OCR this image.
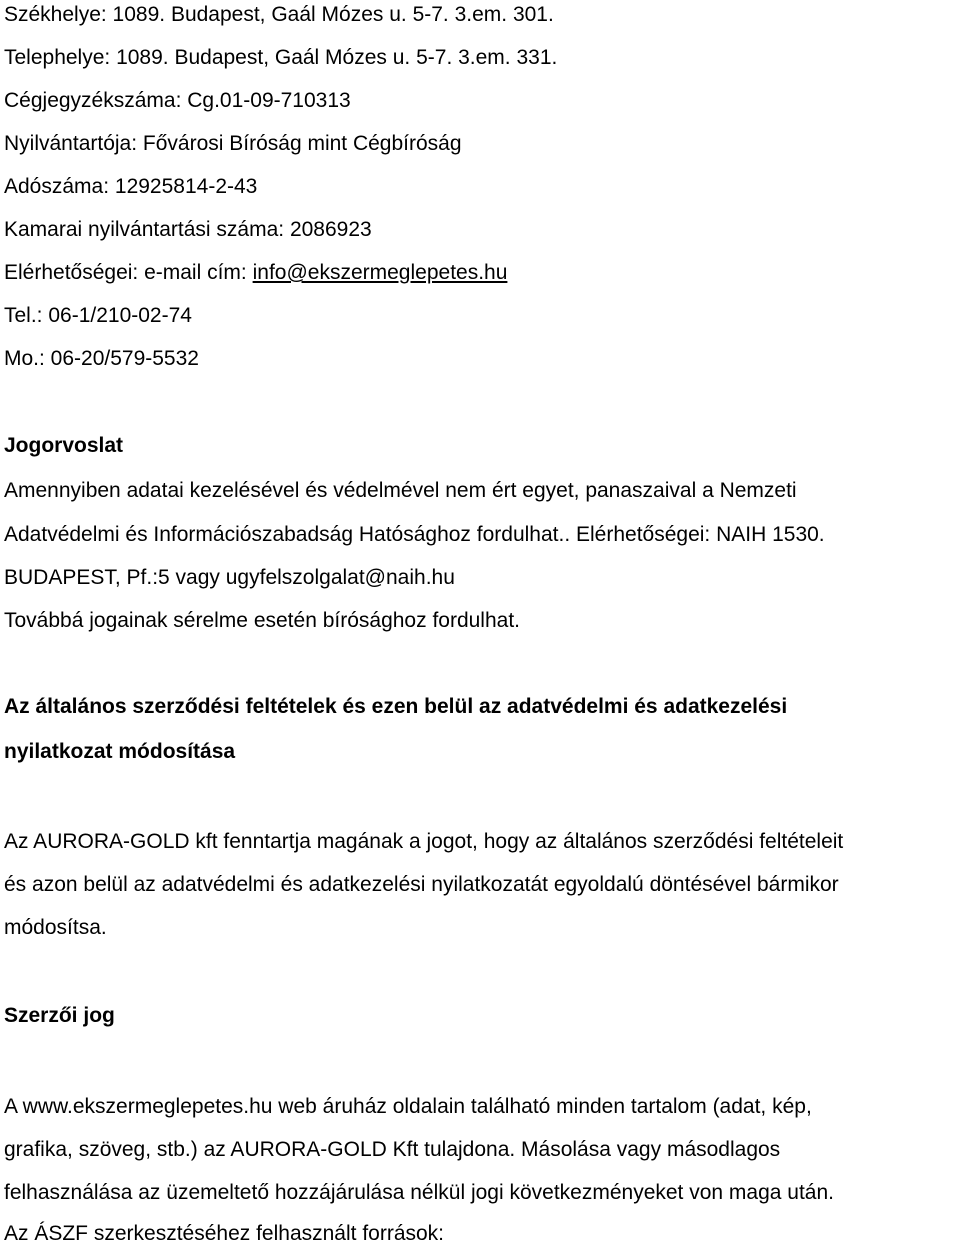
Székhelye: 1089. Budapest, Gaál Mózes u. 5-7. 3.em. 301.
Telephelye: 1089. Budapest, Gaál Mózes u. 5-7. 3.em. 331.
Cégjegyzékszáma: Cg.01-09-710313
Nyilvántartója: Fővárosi Bíróság mint Cégbíróság
Adószáma: 12925814-2-43
Kamarai nyilvántartási száma: 2086923
Elérhetőségei: e-mail cím: info@ekszermeglepetes.hu
Tel.: 06-1/210-02-74
Mo.: 06-20/579-5532
Jogorvoslat
Amennyiben adatai kezelésével és védelmével nem ért egyet, panaszaival a Nemzeti
Adatvédelmi és Információszabadság Hatósághoz fordulhat.. Elérhetőségei: NAIH 1530.
BUDAPEST, Pf.:5 vagy ugyfelszolgalat@naih.hu
Továbbá jogainak sérelme esetén bírósághoz fordulhat.
Az általános szerződési feltételek és ezen belül az adatvédelmi és adatkezelési
nyilatkozat módosítása
Az AURORA-GOLD kft fenntartja magának a jogot, hogy az általános szerződési feltételeit
és azon belül az adatvédelmi és adatkezelési nyilatkozatát egyoldalú döntésével bármikor
módosítsa.
Szerzői jog
A www.ekszermeglepetes.hu web áruház oldalain található minden tartalom (adat, kép,
grafika, szöveg, stb.) az AURORA-GOLD Kft tulajdona. Másolása vagy másodlagos
felhasználása az üzemeltető hozzájárulása nélkül jogi következményeket von maga után.
Az ÁSZF szerkesztéséhez felhasznált források:
